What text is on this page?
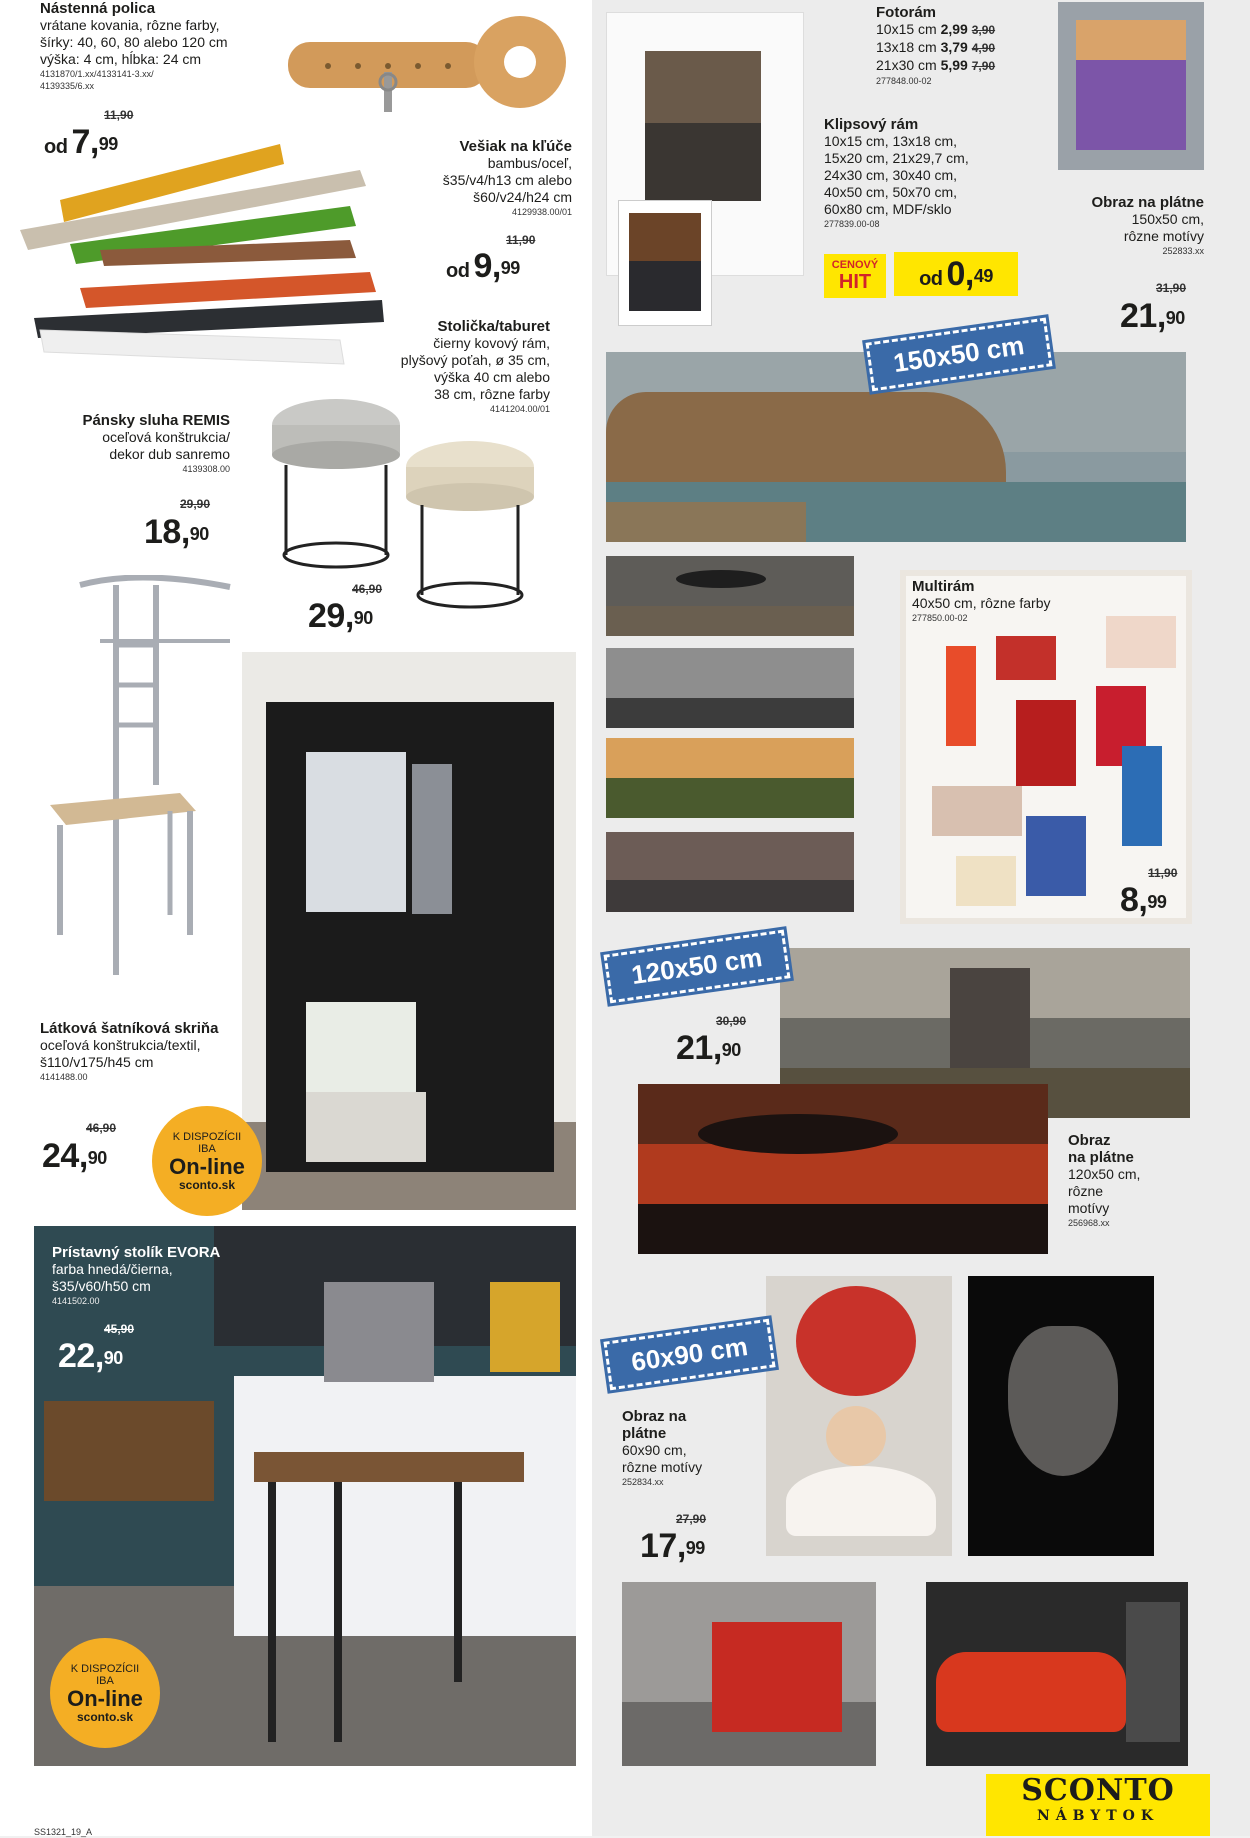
Nástenná polica
vrátane kovania, rôzne farby,
šírky: 40, 60, 80 alebo 120 cm
výška: 4 cm, hĺbka: 24 cm
4131870/1.xx/4133141-3.xx/
4139335/6.xx
11,90
od 7,99	Vešiak na kľúče
bambus/oceľ,
š35/v4/h13 cm alebo
š60/v24/h24 cm
4129938.00/01
11,90
od 9,99
Stolička/taburet
čierny kovový rám,
plyšový poťah, ø 35 cm,
výška 40 cm alebo
38 cm, rôzne farby
4141204.00/01
46,90
29,90
Pánsky sluha REMIS
oceľová konštrukcia/
dekor dub sanremo
4139308.00
29,90
18,90
Látková šatníková skriňa
oceľová konštrukcia/textil,
š110/v175/h45 cm
4141488.00
46,90
24,90
K DISPOZÍCII
IBA
On-line
sconto.sk
Prístavný stolík EVORA
farba hnedá/čierna,
š35/v60/h50 cm
4141502.00
45,90
22,90
K DISPOZÍCII
IBA
On-line
sconto.sk
SS1321_19_A
Fotorám
10x15 cm 2,99 3,90
13x18 cm 3,79 4,90
21x30 cm 5,99 7,90
277848.00-02
Klipsový rám
10x15 cm, 13x18 cm,
15x20 cm, 21x29,7 cm,
24x30 cm, 30x40 cm,
40x50 cm, 50x70 cm,
60x80 cm, MDF/sklo
277839.00-08
CENOVÝ
HIT	od 0,49
Obraz na plátne
150x50 cm,
rôzne motívy
252833.xx
31,90
21,90
150x50 cm
Multirám
40x50 cm, rôzne farby
277850.00-02
11,90
8,99
120x50 cm
30,90
21,90
Obraz
na plátne
120x50 cm,
rôzne
motívy
256968.xx
60x90 cm
Obraz na
plátne
60x90 cm,
rôzne motívy
252834.xx
27,90
17,99
SCONTO
NÁBYTOK
